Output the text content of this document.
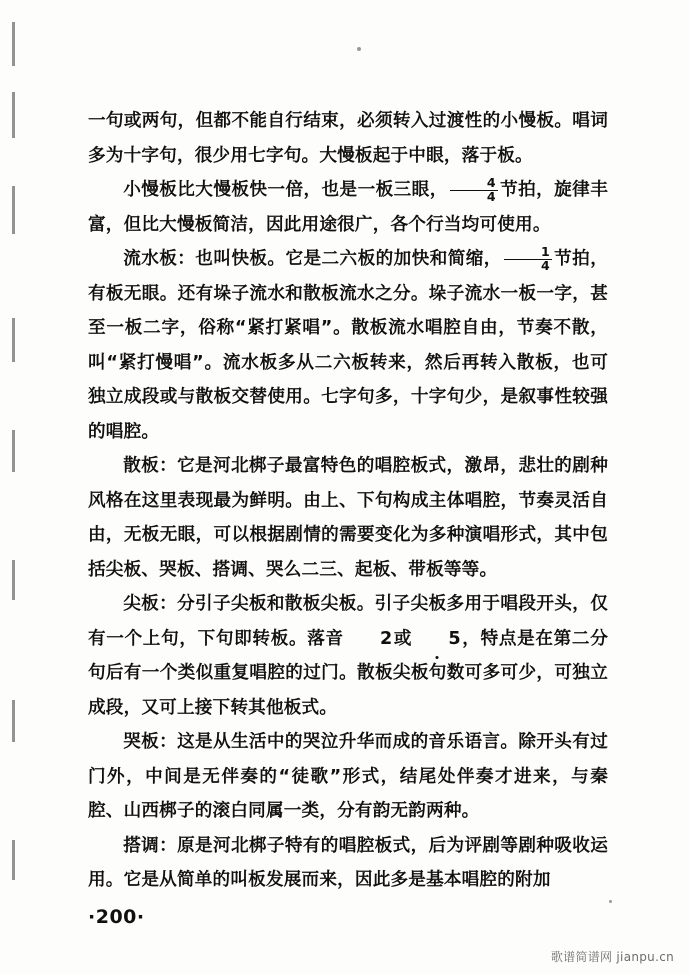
一句或两句，但都不能自行结束，必须转入过渡性的小慢板。唱词多为十字句，很少用七字句。大慢板起于中眼，落于板。

小慢板比大慢板快一倍，也是一板三眼， $\frac{4}{4}$ 节拍，旋律丰富，但比大慢板简洁，因此用途很广，各个行当均可使用。

流水板：也叫快板。它是二六板的加快和简缩， $\frac{1}{4}$ 节拍，有板无眼。还有垛子流水和散板流水之分。垛子流水一板一字，甚至一板二字，俗称“紧打紧唱”。散板流水唱腔自由，节奏不散，叫“紧打慢唱”。流水板多从二六板转来，然后再转入散板，也可独立成段或与散板交替使用。七字句多，十字句少，是叙事性较强的唱腔。

散板：它是河北梆子最富特色的唱腔板式，激昂，悲壮的剧种风格在这里表现最为鲜明。由上、下句构成主体唱腔，节奏灵活自由，无板无眼，可以根据剧情的需要变化为多种演唱形式，其中包括尖板、哭板、搭调、哭么二三、起板、带板等等。

尖板：分引子尖板和散板尖板。引子尖板多用于唱段开头，仅有一个上句，下句即转板。落音 2或 5，特点是在第二分句后有一个类似重复唱腔的过门。散板尖板句数可多可少，可独立成段，又可上接下转其他板式。

哭板：这是从生活中的哭泣升华而成的音乐语言。除开头有过门外，中间是无伴奏的“徒歌”形式，结尾处伴奏才进来，与秦腔、山西梆子的滚白同属一类，分有韵无韵两种。

搭调：原是河北梆子特有的唱腔板式，后为评剧等剧种吸收运用。它是从简单的叫板发展而来，因此多是基本唱腔的附加

·200·
歌谱简谱网 jianpu.cn
